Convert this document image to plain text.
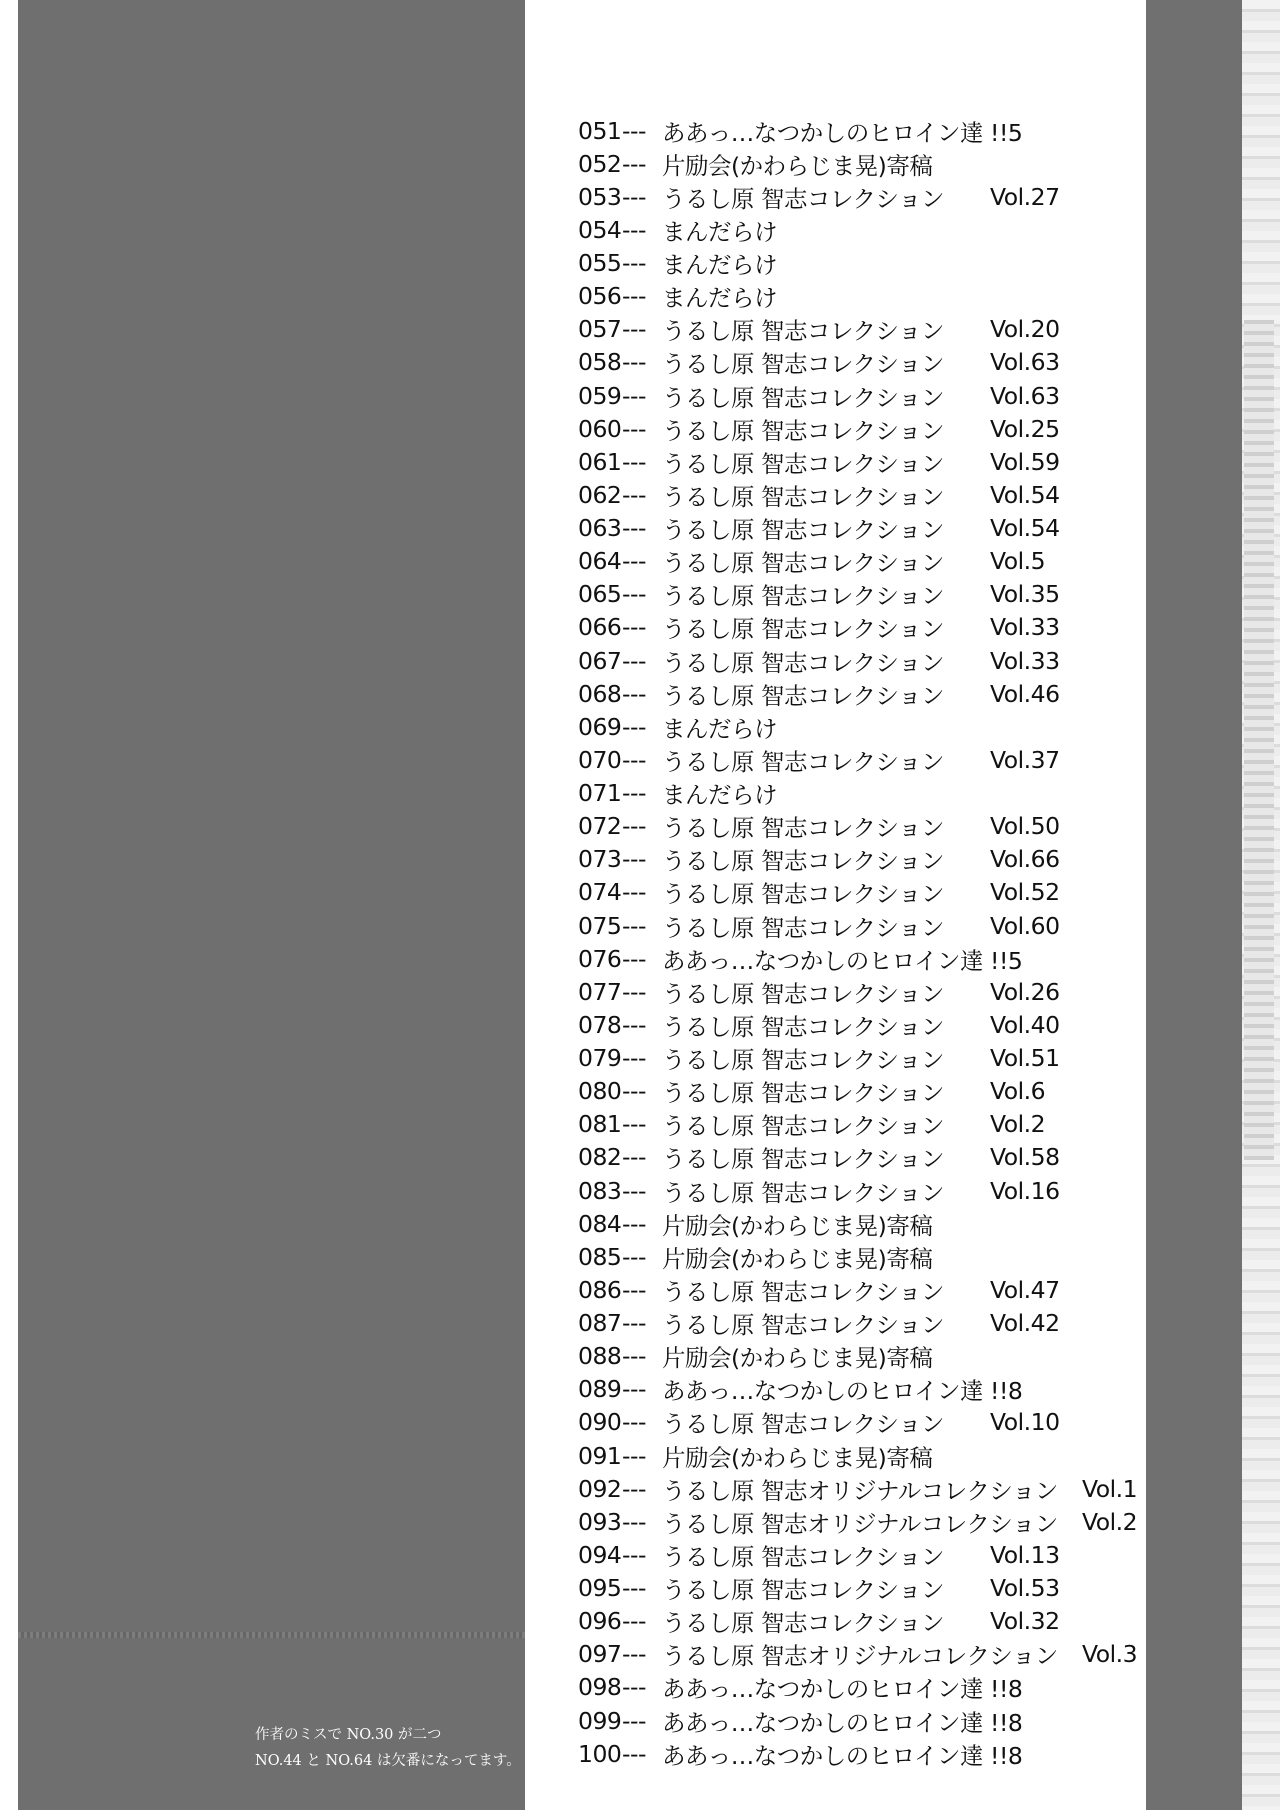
作者のミスで NO.30 が二つ
NO.44 と NO.64 は欠番になってます。
051 --- ああっ…なつかしのヒロイン達 !!5
052 --- 片励会(かわらじま晃)寄稿
053 --- うるし原 智志コレクション	Vol.27
054 --- まんだらけ
055 --- まんだらけ
056 --- まんだらけ
057 --- うるし原 智志コレクション	Vol.20
058 --- うるし原 智志コレクション	Vol.63
059 --- うるし原 智志コレクション	Vol.63
060 --- うるし原 智志コレクション	Vol.25
061 --- うるし原 智志コレクション	Vol.59
062 --- うるし原 智志コレクション	Vol.54
063 --- うるし原 智志コレクション	Vol.54
064 --- うるし原 智志コレクション	Vol.5
065 --- うるし原 智志コレクション	Vol.35
066 --- うるし原 智志コレクション	Vol.33
067 --- うるし原 智志コレクション	Vol.33
068 --- うるし原 智志コレクション	Vol.46
069 --- まんだらけ
070 --- うるし原 智志コレクション	Vol.37
071 --- まんだらけ
072 --- うるし原 智志コレクション	Vol.50
073 --- うるし原 智志コレクション	Vol.66
074 --- うるし原 智志コレクション	Vol.52
075 --- うるし原 智志コレクション	Vol.60
076 --- ああっ…なつかしのヒロイン達 !!5
077 --- うるし原 智志コレクション	Vol.26
078 --- うるし原 智志コレクション	Vol.40
079 --- うるし原 智志コレクション	Vol.51
080 --- うるし原 智志コレクション	Vol.6
081 --- うるし原 智志コレクション	Vol.2
082 --- うるし原 智志コレクション	Vol.58
083 --- うるし原 智志コレクション	Vol.16
084 --- 片励会(かわらじま晃)寄稿
085 --- 片励会(かわらじま晃)寄稿
086 --- うるし原 智志コレクション	Vol.47
087 --- うるし原 智志コレクション	Vol.42
088 --- 片励会(かわらじま晃)寄稿
089 --- ああっ…なつかしのヒロイン達 !!8
090 --- うるし原 智志コレクション	Vol.10
091 --- 片励会(かわらじま晃)寄稿
092 --- うるし原 智志オリジナルコレクション	Vol.1
093 --- うるし原 智志オリジナルコレクション	Vol.2
094 --- うるし原 智志コレクション	Vol.13
095 --- うるし原 智志コレクション	Vol.53
096 --- うるし原 智志コレクション	Vol.32
097 --- うるし原 智志オリジナルコレクション	Vol.3
098 --- ああっ…なつかしのヒロイン達 !!8
099 --- ああっ…なつかしのヒロイン達 !!8
100 --- ああっ…なつかしのヒロイン達 !!8
